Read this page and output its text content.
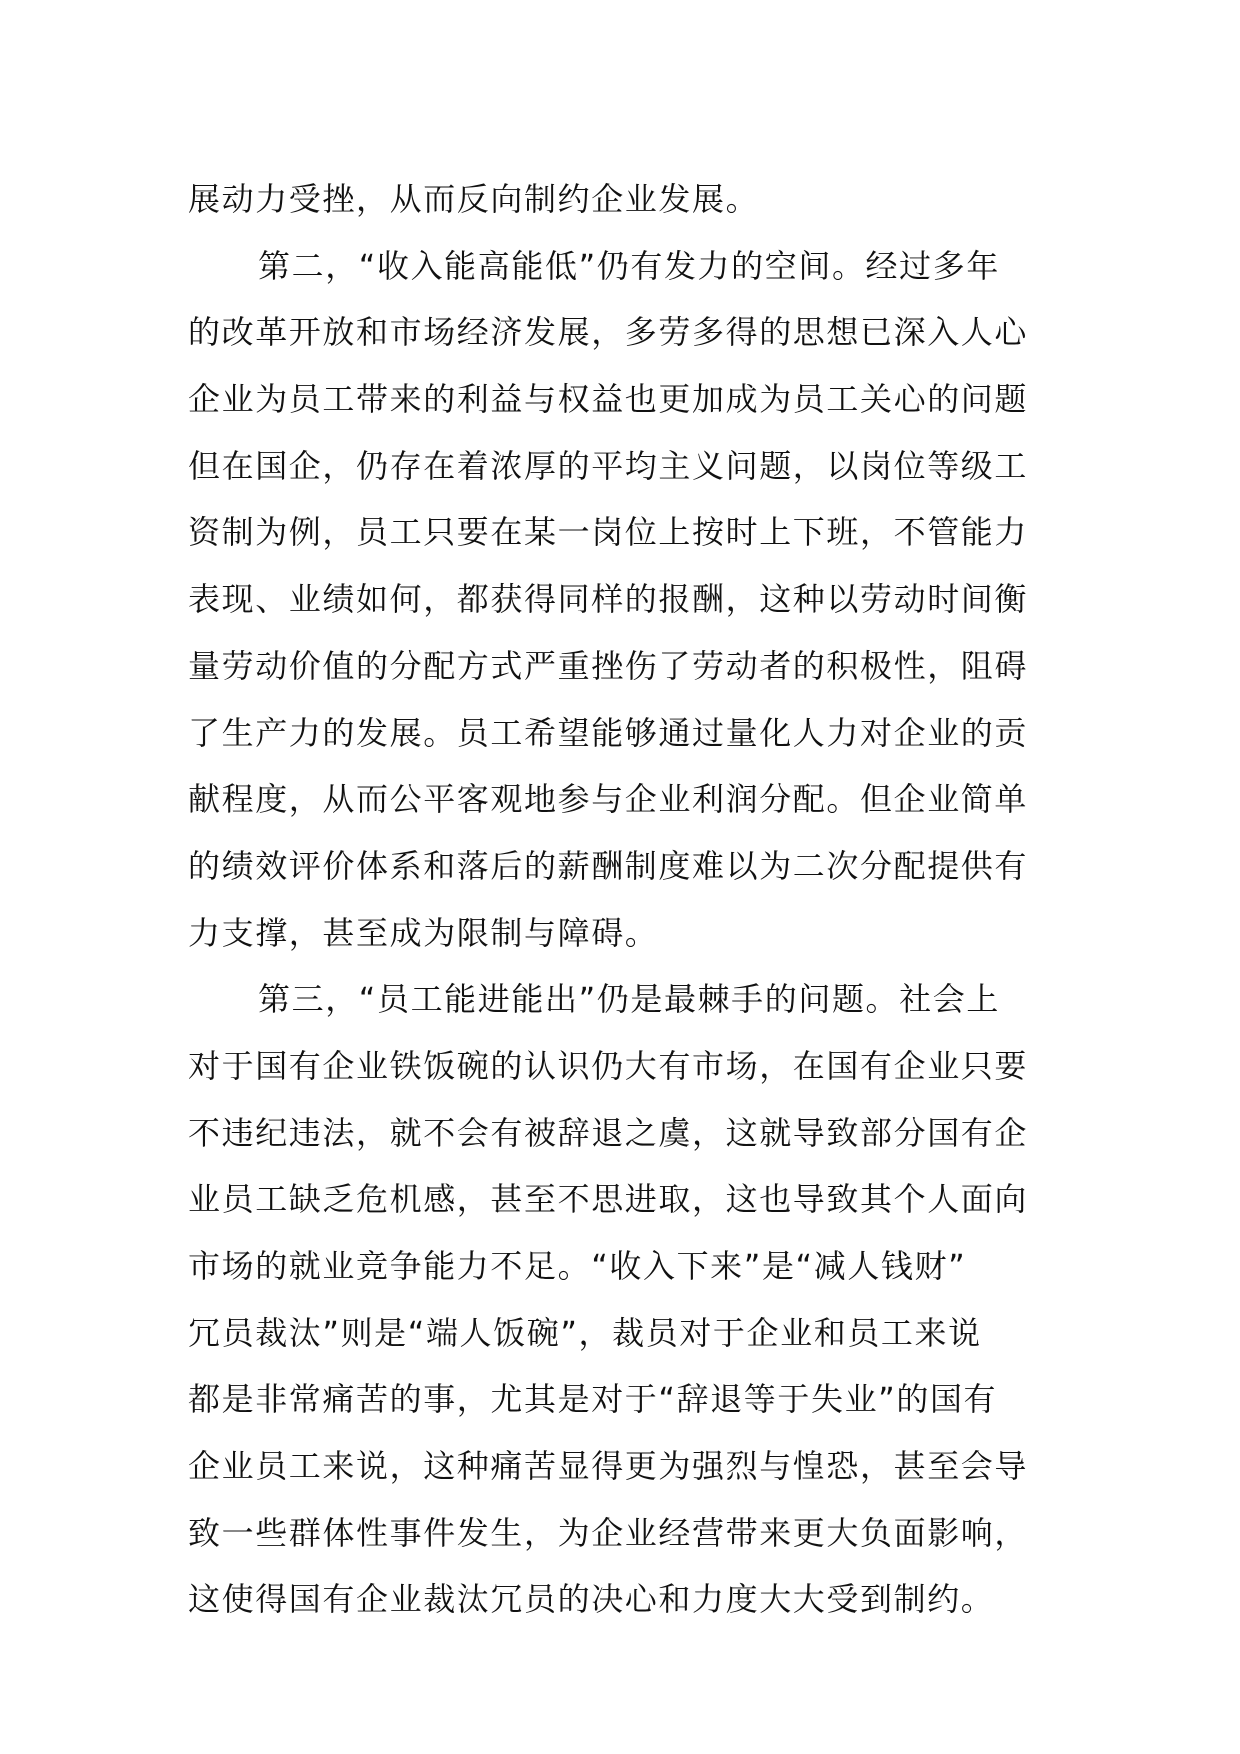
展动力受挫，从而反向制约企业发展。
第二，“收入能高能低”仍有发力的空间。经过多年
的改革开放和市场经济发展，多劳多得的思想已深入人心
企业为员工带来的利益与权益也更加成为员工关心的问题
但在国企，仍存在着浓厚的平均主义问题，以岗位等级工
资制为例，员工只要在某一岗位上按时上下班，不管能力
表现、业绩如何，都获得同样的报酬，这种以劳动时间衡
量劳动价值的分配方式严重挫伤了劳动者的积极性，阻碍
了生产力的发展。员工希望能够通过量化人力对企业的贡
献程度，从而公平客观地参与企业利润分配。但企业简单
的绩效评价体系和落后的薪酬制度难以为二次分配提供有
力支撑，甚至成为限制与障碍。
第三，“员工能进能出”仍是最棘手的问题。社会上
对于国有企业铁饭碗的认识仍大有市场，在国有企业只要
不违纪违法，就不会有被辞退之虞，这就导致部分国有企
业员工缺乏危机感，甚至不思进取，这也导致其个人面向
市场的就业竞争能力不足。“收入下来”是“减人钱财”
冗员裁汰”则是“端人饭碗”，裁员对于企业和员工来说
都是非常痛苦的事，尤其是对于“辞退等于失业”的国有
企业员工来说，这种痛苦显得更为强烈与惶恐，甚至会导
致一些群体性事件发生，为企业经营带来更大负面影响，
这使得国有企业裁汰冗员的决心和力度大大受到制约。
